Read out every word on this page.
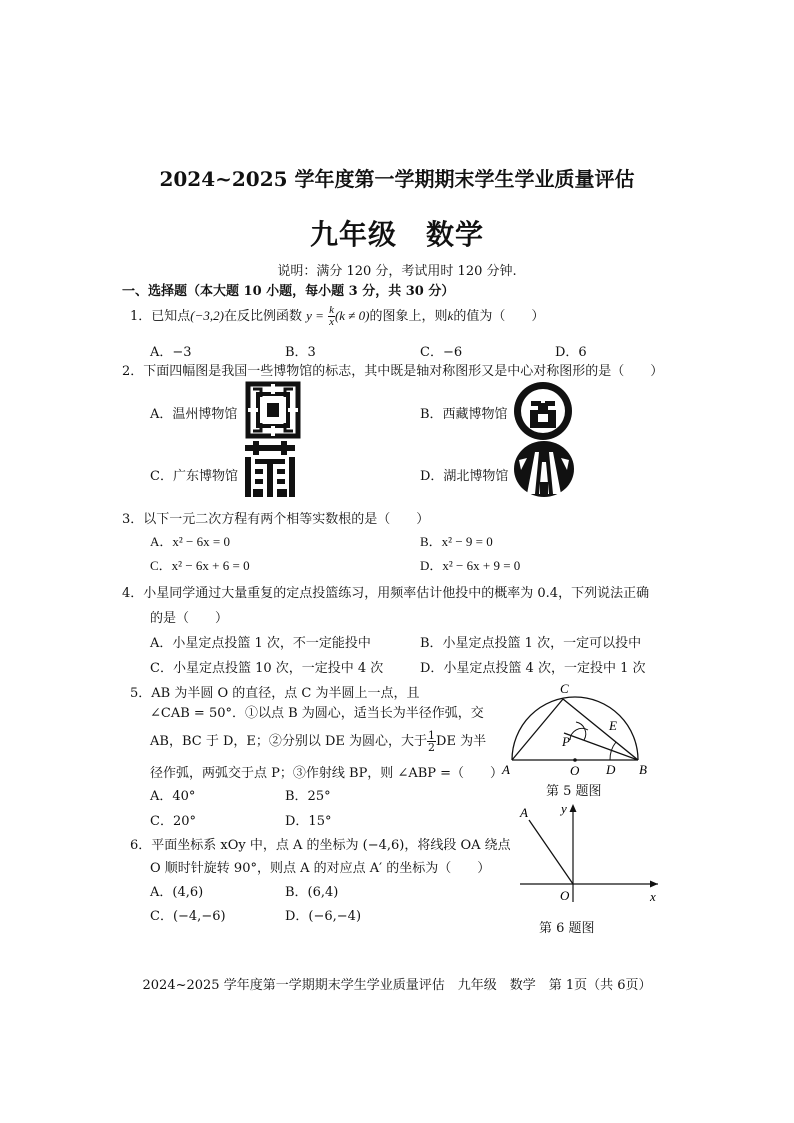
2024~2025 学年度第一学期期末学生学业质量评估
九年级　数学
说明：满分 120 分，考试用时 120 分钟.
一、选择题（本大题 10 小题，每小题 3 分，共 30 分）
1．已知点(−3,2)在反比例函数 $y = \frac{k}{x} (k \ne 0)$的图象上，则k的值为（　　）
A．−3	B．3	C．−6	D．6
2．下面四幅图是我国一些博物馆的标志，其中既是轴对称图形又是中心对称图形的是（　　）
A．温州博物馆	B．西藏博物馆
C．广东博物馆	D．湖北博物馆
3．以下一元二次方程有两个相等实数根的是（　　）
A．x² − 6x = 0	B．x² − 9 = 0
C．x² − 6x + 6 = 0	D．x² − 6x + 9 = 0
4．小星同学通过大量重复的定点投篮练习，用频率估计他投中的概率为 0.4，下列说法正确
的是（　　）
A．小星定点投篮 1 次，不一定能投中	B．小星定点投篮 1 次，一定可以投中
C．小星定点投篮 10 次，一定投中 4 次	D．小星定点投篮 4 次，一定投中 1 次
5．AB 为半圆 O 的直径，点 C 为半圆上一点，且
∠CAB = 50°．①以点 B 为圆心，适当长为半径作弧，交
AB，BC 于 D，E；②分别以 DE 为圆心，大于 $\frac{1}{2}$ DE 为半
径作弧，两弧交于点 P；③作射线 BP，则 ∠ABP =（　　）
A．40°	B．25°
C．20°	D．15°
A	B
C
D
E
O
P
第 5 题图
6．平面坐标系 xOy 中，点 A 的坐标为 (−4,6)，将线段 OA 绕点
O 顺时针旋转 90°，则点 A 的对应点 A′ 的坐标为（　　）
A．(4,6)	B．(6,4)
C．(−4,−6)	D．(−6,−4)
A
O	x
y
第 6 题图
2024~2025 学年度第一学期期末学生学业质量评估　九年级　数学　第 1页（共 6页）
